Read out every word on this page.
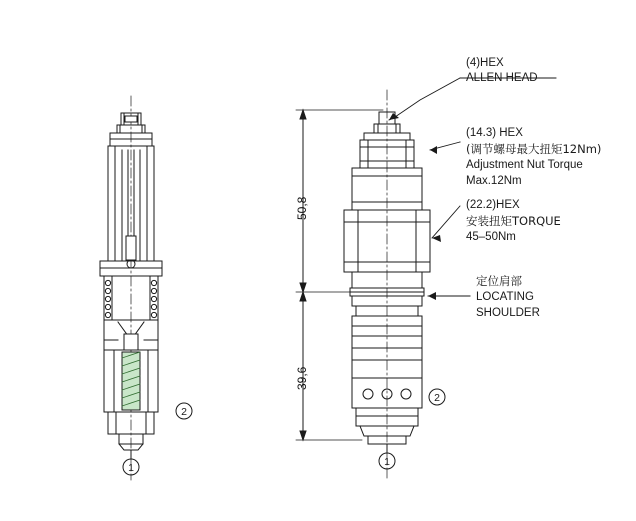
2
1
2
1
50,8
39,6
(4)HEX
ALLEN HEAD
(14.3) HEX
(调节螺母最大扭矩12Nm)
Adjustment Nut Torque
Max.12Nm
(22.2)HEX
安装扭矩TORQUE
45–50Nm
定位肩部
LOCATING
SHOULDER
